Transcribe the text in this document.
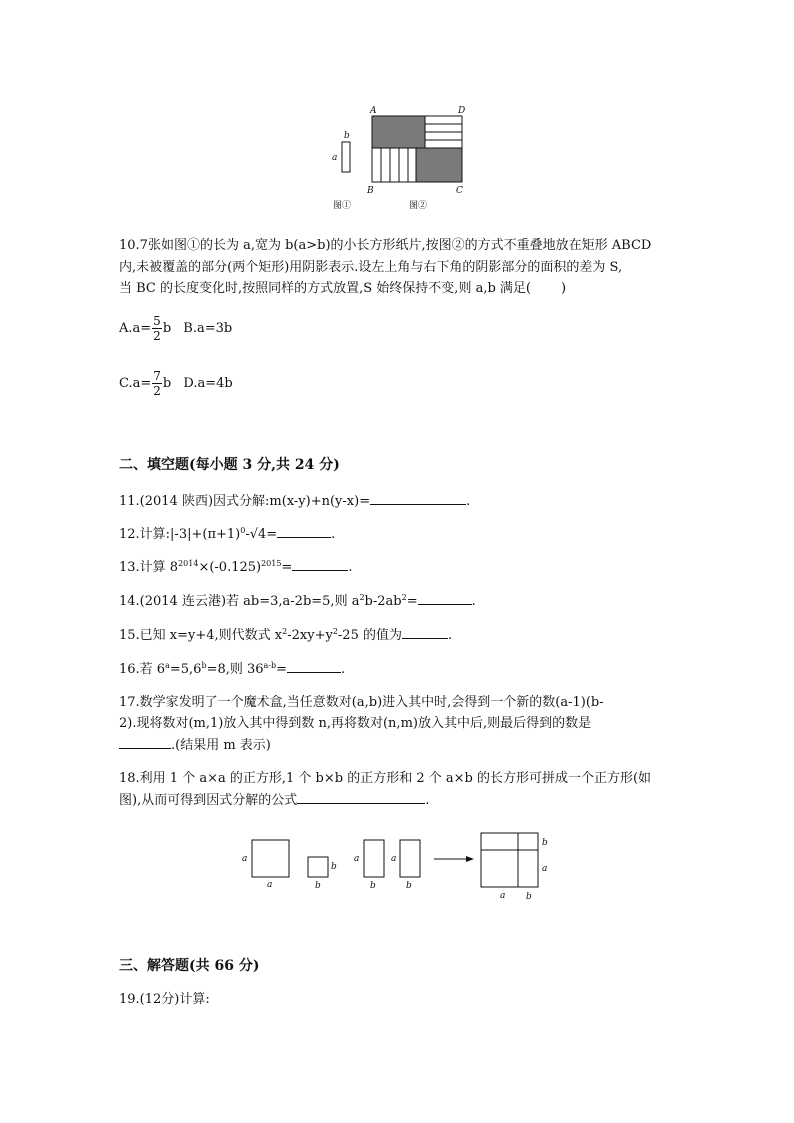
b
a
A	D
B	C
图①	图②
10.7张如图①的长为 a,宽为 b(a>b)的小长方形纸片,按图②的方式不重叠地放在矩形 ABCD
内,未被覆盖的部分(两个矩形)用阴影表示.设左上角与右下角的阴影部分的面积的差为 S,
当 BC 的长度变化时,按照同样的方式放置,S 始终保持不变,则 a,b 满足( )
$A.a= \frac{5}{2}$ b B.a=3b
$C.a= \frac{7}{2}$ b D.a=4b
二、填空题(每小题 3 分,共 24 分)
11.(2014 陕西)因式分解:m(x-y)+n(y-x)=	.
12.计算$:|-3|+(\pi+1)^0-√4=$	.
13.计算 $8^{2014}\times(-0.125)^{2015}=$	.
14.(2014 连云港)若 ab=3,a-2b=5,则 $a^2b-2ab^2=$	.
15.已知 x=y+4,则代数式 $x^2-2xy+y^2-25$ 的值为	.
16.若 $6^a=5,6^b=8$,则 $36^{a-b}=$	.
17.数学家发明了一个魔术盒,当任意数对(a,b)进入其中时,会得到一个新的数(a-1)(b-
2).现将数对(m,1)放入其中得到数 n,再将数对(n,m)放入其中后,则最后得到的数是
.(结果用 m 表示)
18.利用 1 个 a×a 的正方形,1 个 b×b 的正方形和 2 个 a×b 的长方形可拼成一个正方形(如
图),从而可得到因式分解的公式	.
a
a
b
b
a
b
a
b
b
a
a b
三、解答题(共 66 分)
19.(12分)计算:
